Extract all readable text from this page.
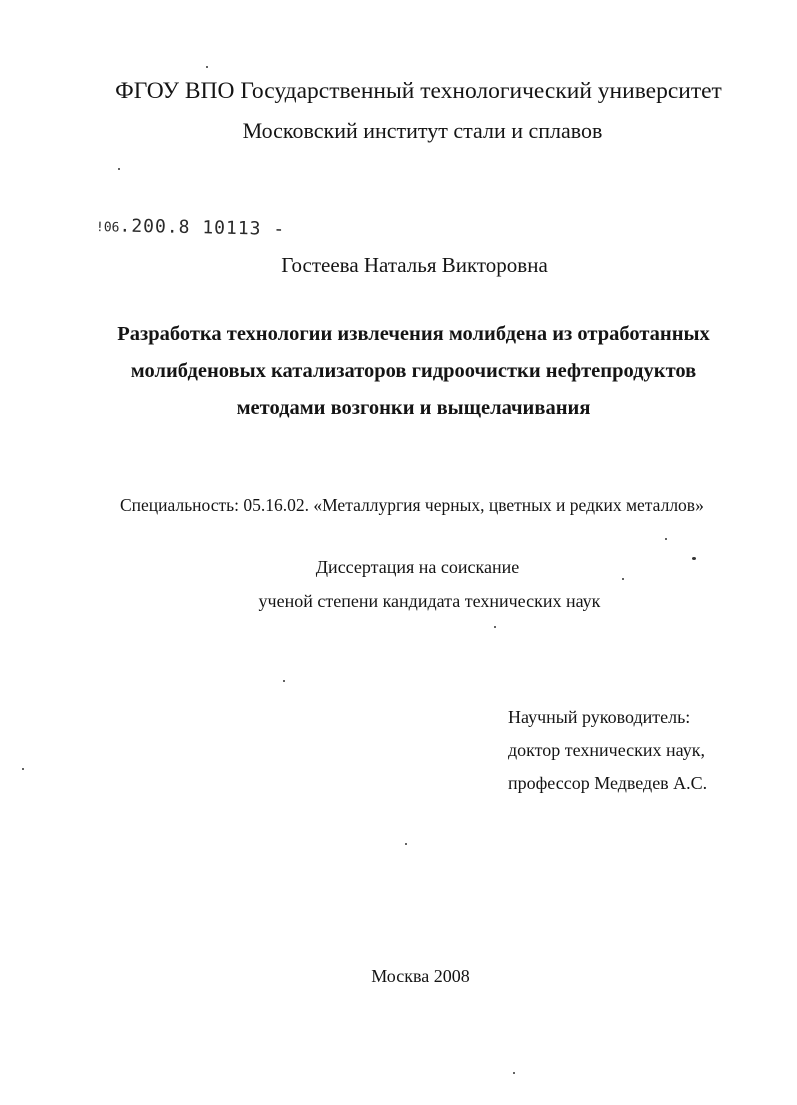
ФГОУ ВПО Государственный технологический университет
Московский институт стали и сплавов
!06.200.8 10113 -
Гостеева Наталья Викторовна
Разработка технологии извлечения молибдена из отработанных
молибденовых катализаторов гидроочистки нефтепродуктов
методами возгонки и выщелачивания
Специальность: 05.16.02. «Металлургия черных, цветных и редких металлов»
Диссертация на соискание
ученой степени кандидата технических наук
Научный руководитель:
доктор технических наук,
профессор Медведев А.С.
Москва 2008
